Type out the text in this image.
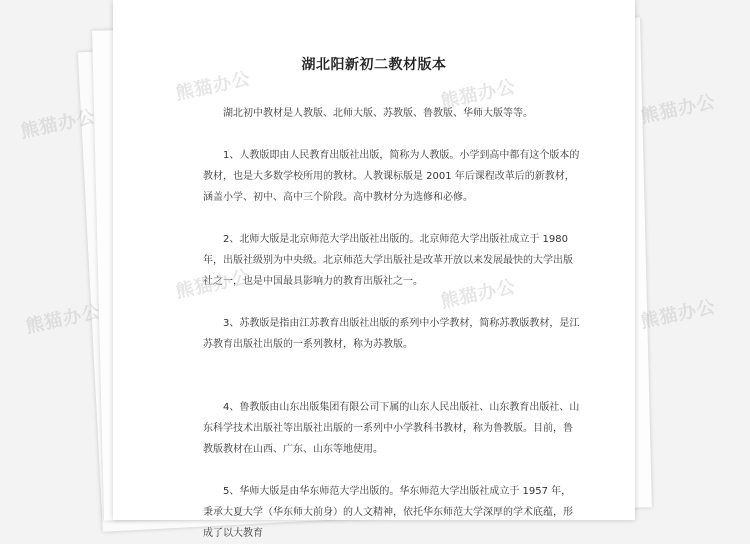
湖北阳新初二教材版本

湖北初中教材是人教版、北师大版、苏教版、鲁教版、华师大版等等。

1、人教版即由人民教育出版社出版，简称为人教版。小学到高中都有这个版本的教材，也是大多数学校所用的教材。人教课标版是 2001 年后课程改革后的新教材，涵盖小学、初中、高中三个阶段。高中教材分为选修和必修。

2、北师大版是北京师范大学出版社出版的。北京师范大学出版社成立于 1980 年，出版社级别为中央级。北京师范大学出版社是改革开放以来发展最快的大学出版社之一，也是中国最具影响力的教育出版社之一。

3、苏教版是指由江苏教育出版社出版的系列中小学教材，简称苏教版教材，是江苏教育出版社出版的一系列教材，称为苏教版。

4、鲁教版由山东出版集团有限公司下属的山东人民出版社、山东教育出版社、山东科学技术出版社等出版社出版的一系列中小学教科书教材，称为鲁教版。目前，鲁教版教材在山西、广东、山东等地使用。

5、华师大版是由华东师范大学出版的。华东师范大学出版社成立于 1957 年，秉承大夏大学（华东师大前身）的人文精神，依托华东师范大学深厚的学术底蕴，形成了以大教育

熊猫办公
熊猫办公	熊猫办公	熊猫办公
熊猫办公
熊猫办公	熊猫办公
熊猫办公
